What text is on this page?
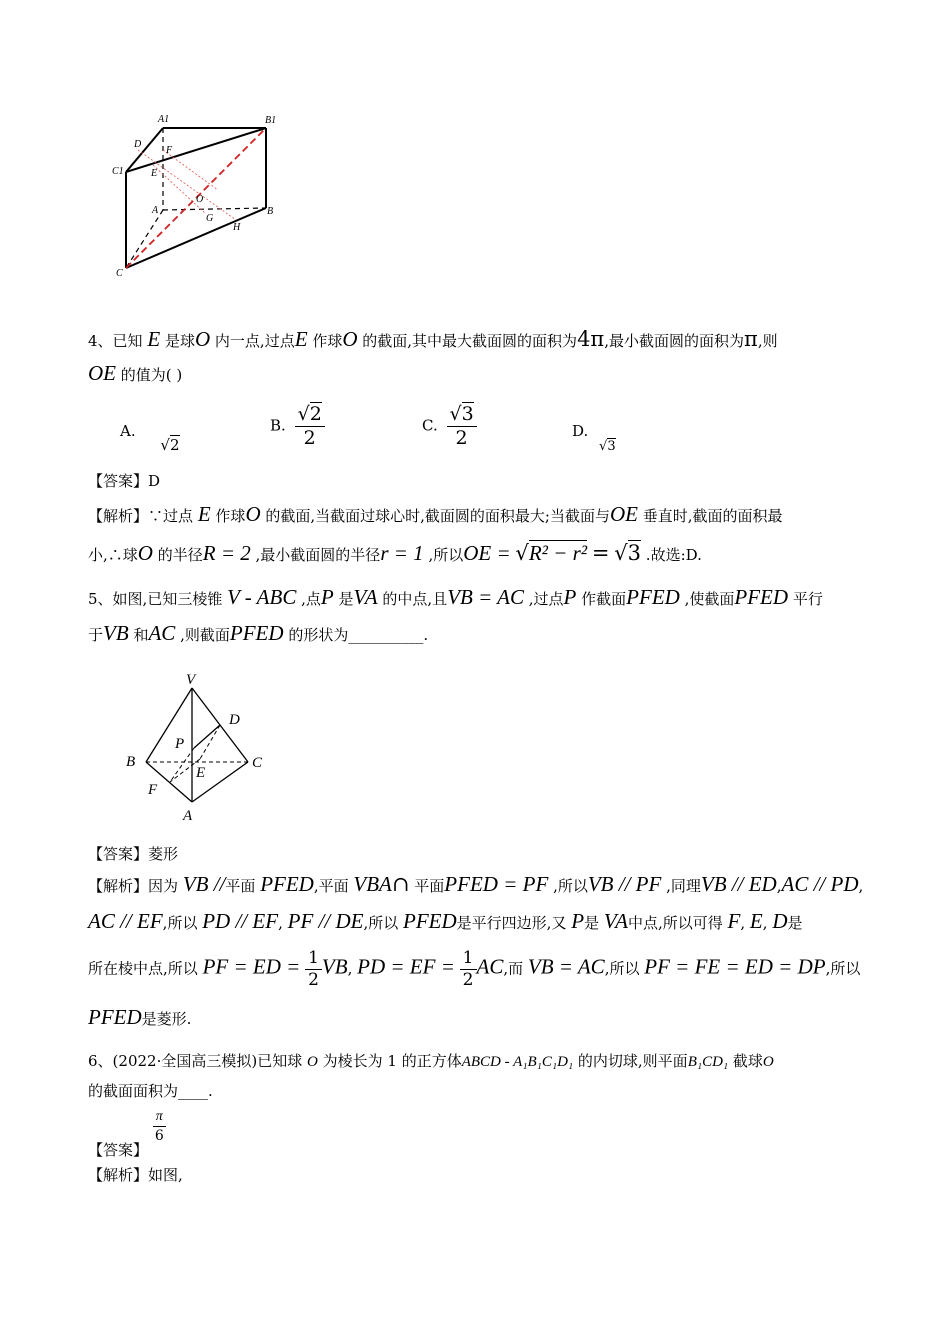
A1	B1
C1
D
F
E
O
A
G
H
B
C
4、已知 E 是球O 内一点,过点E 作球O 的截面,其中最大截面圆的面积为4π,最小截面圆的面积为π,则
OE 的值为( )
A. √2
B. $\frac{√2}{2}$	C. $\frac{√3}{2}$	D. √3
【答案】D
【解析】∵过点 E 作球O 的截面,当截面过球心时,截面圆的面积最大;当截面与OE 垂直时,截面的面积最
小,∴球O 的半径R = 2 ,最小截面圆的半径r = 1 ,所以OE = √R² − r² = √3 .故选:D.
5、如图,已知三棱锥 V - ABC ,点P 是VA 的中点,且VB = AC ,过点P 作截面PFED ,使截面PFED 平行
于VB 和AC ,则截面PFED 的形状为__________.
V
D
P
B
E
C
F
A
【答案】菱形
【解析】因为 VB //平面 PFED,平面 VBA∩ 平面PFED = PF ,所以VB // PF ,同理VB // ED,AC // PD,
AC // EF,所以 PD // EF, PF // DE,所以 PFED是平行四边形,又 P是 VA中点,所以可得 F, E, D是
所在棱中点,所以 PF = ED = $\frac{1}{2}$ VB, PD = EF = $\frac{1}{2}$ AC,而 VB = AC,所以 PF = FE = ED = DP,所以
PFED是菱形.
6、(2022·全国高三模拟)已知球 O 为棱长为 1 的正方体ABCD - A₁B₁C₁D₁ 的内切球,则平面B₁CD₁ 截球O
的截面面积为____.
【答案】
$\frac{\pi}{6}$
【解析】如图,
